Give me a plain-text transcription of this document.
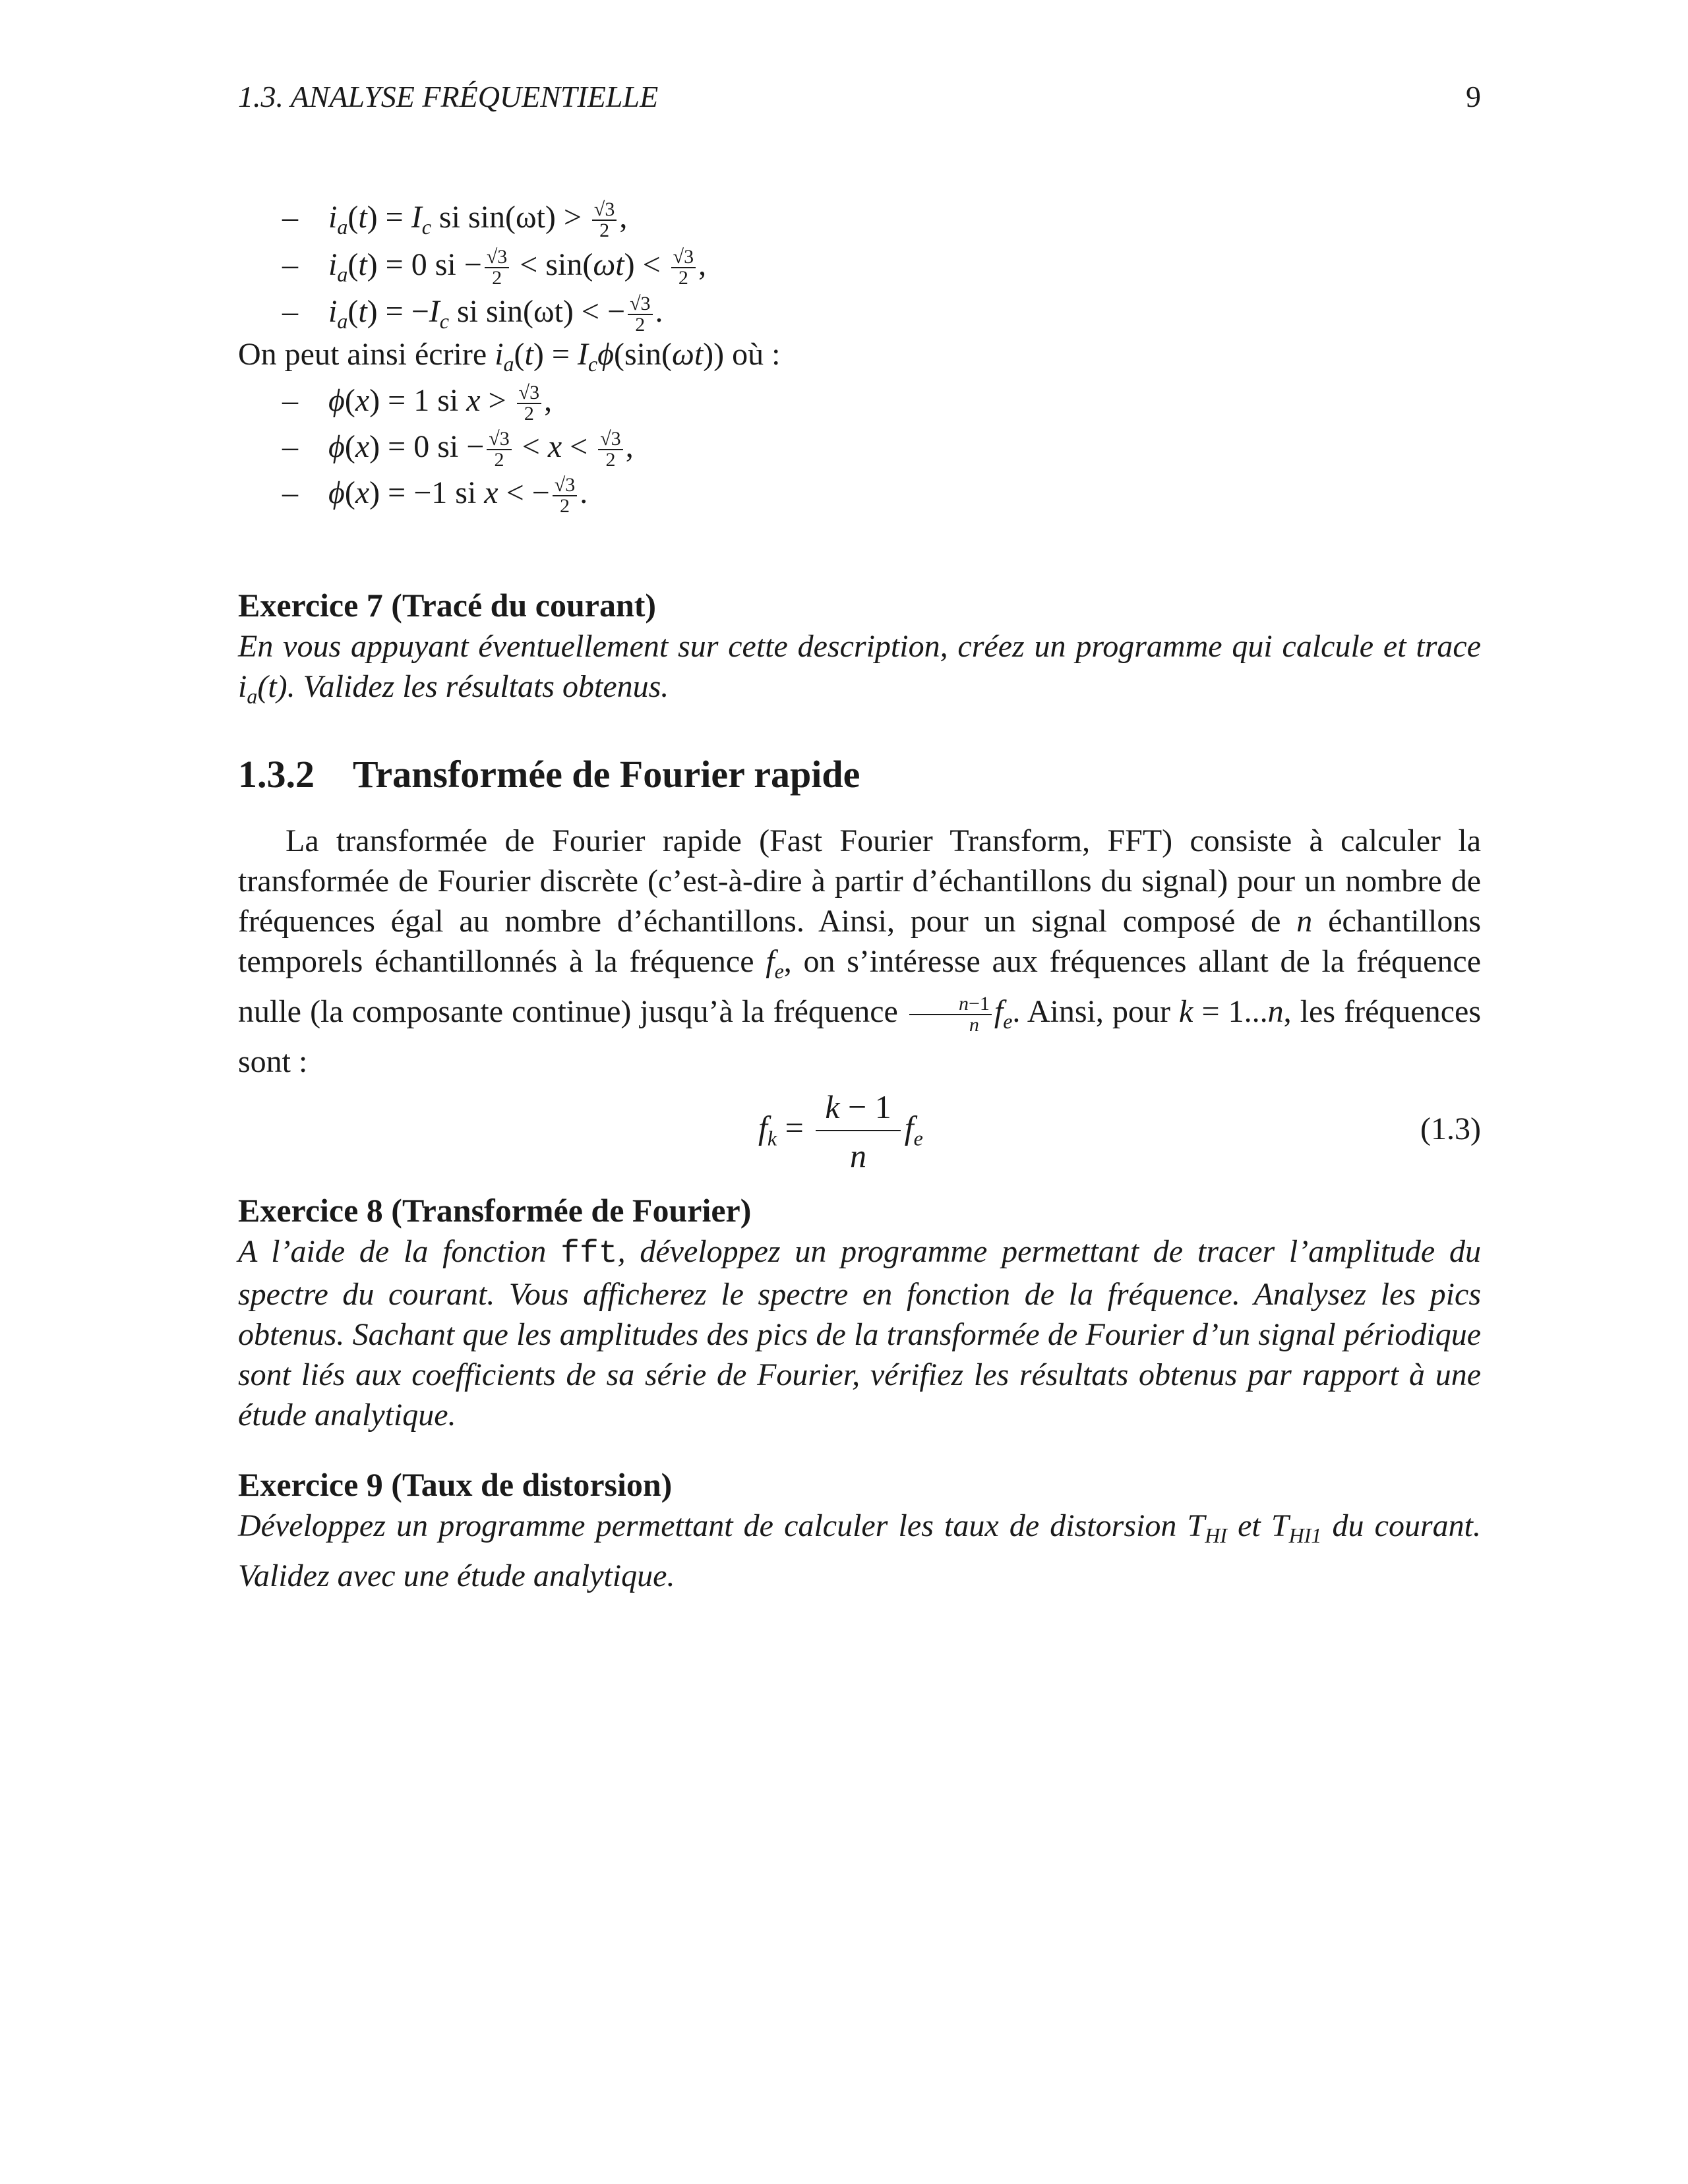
1.3. ANALYSE FRÉQUENTIELLE	9
– $i_a(t) = I_c$ si $\sin(\omega t) > \frac{√3}{2}$ ,
– $i_a(t) = 0$ si − $\frac{√3}{2} < \sin(\omega t) < \frac{√3}{2}$ ,
– $i_a(t) = -I_c$ si sin(ωt) < − $\frac{√3}{2}$ .
On peut ainsi écrire $i_a(t) = I_c\phi(\sin(\omega t))$ où :
– ϕ(x) = 1 si $x > \frac{√3}{2}$ ,
– ϕ(x) = 0 si − $\frac{√3}{2} < x < \frac{√3}{2}$ ,
– ϕ(x) = −1 si x < − $\frac{√3}{2}$ .
Exercice 7 (Tracé du courant)
En vous appuyant éventuellement sur cette description, créez un programme qui calcule et trace $i_a(t)$. Validez les résultats obtenus.
1.3.2    Transformée de Fourier rapide
La transformée de Fourier rapide (Fast Fourier Transform, FFT) consiste à calculer la transformée de Fourier discrète (c’est-à-dire à partir d’échantillons du signal) pour un nombre de fréquences égal au nombre d’échantillons. Ainsi, pour un signal composé de n échantillons temporels échantillonnés à la fréquence $f_e$, on s’intéresse aux fréquences allant de la fréquence nulle (la composante continue) jusqu’à la fréquence $\frac{n-1}{n} f_e$. Ainsi, pour k = 1...n, les fréquences sont :
$f_k = \frac{k - 1}{n} f_e$	(1.3)
Exercice 8 (Transformée de Fourier)
A l’aide de la fonction fft, développez un programme permettant de tracer l’amplitude du spectre du courant. Vous afficherez le spectre en fonction de la fréquence. Analysez les pics obtenus. Sachant que les amplitudes des pics de la transformée de Fourier d’un signal périodique sont liés aux coefficients de sa série de Fourier, vérifiez les résultats obtenus par rapport à une étude analytique.
Exercice 9 (Taux de distorsion)
Développez un programme permettant de calculer les taux de distorsion $T_{HI}$ et $T_{HI1}$ du courant. Validez avec une étude analytique.
